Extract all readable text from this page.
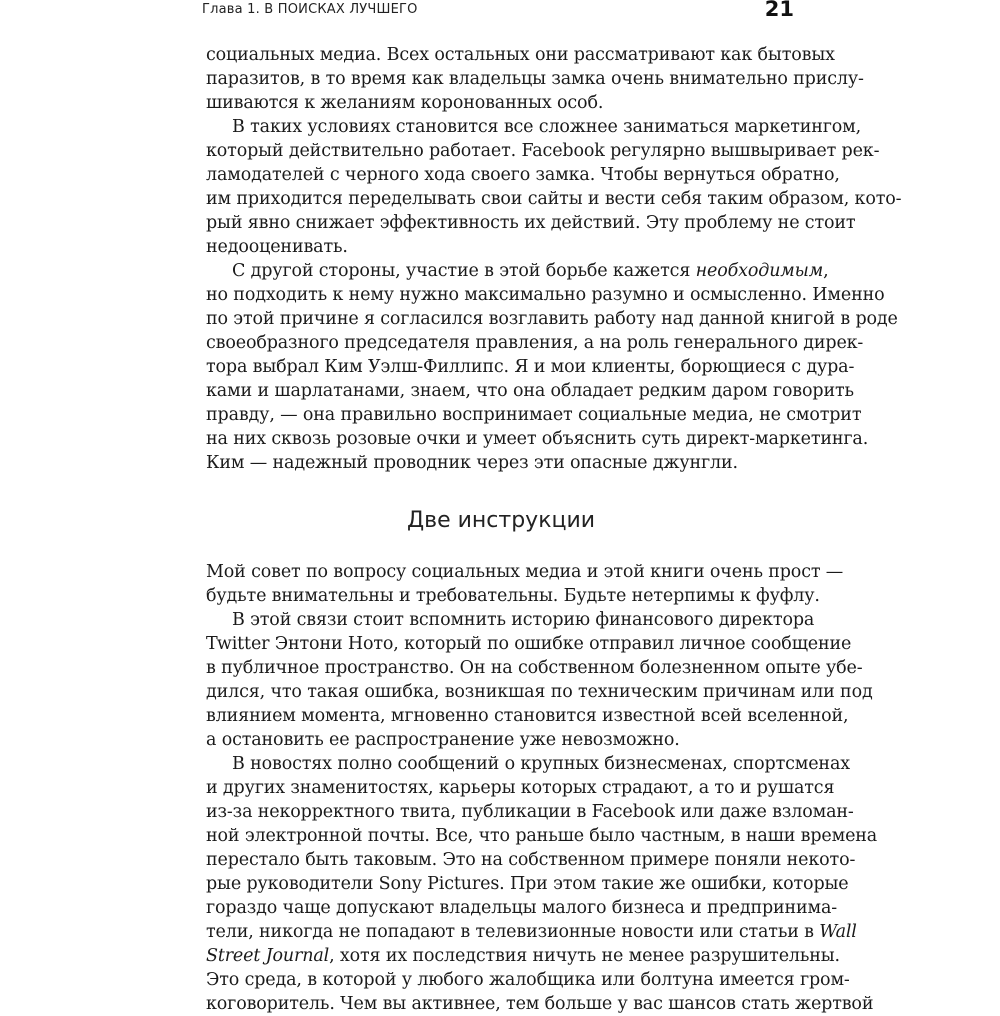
Глава 1. В ПОИСКАХ ЛУЧШЕГО	21
социальных медиа. Всех остальных они рассматривают как бытовых
паразитов, в то время как владельцы замка очень внимательно прислу-
шиваются к желаниям коронованных особ.
В таких условиях становится все сложнее заниматься маркетингом,
который действительно работает. Facebook регулярно вышвыривает рек-
ламодателей с черного хода своего замка. Чтобы вернуться обратно,
им приходится переделывать свои сайты и вести себя таким образом, кото-
рый явно снижает эффективность их действий. Эту проблему не стоит
недооценивать.
С другой стороны, участие в этой борьбе кажется необходимым,
но подходить к нему нужно максимально разумно и осмысленно. Именно
по этой причине я согласился возглавить работу над данной книгой в роде
своеобразного председателя правления, а на роль генерального дирек-
тора выбрал Ким Уэлш-Филлипс. Я и мои клиенты, борющиеся с дура-
ками и шарлатанами, знаем, что она обладает редким даром говорить
правду, — она правильно воспринимает социальные медиа, не смотрит
на них сквозь розовые очки и умеет объяснить суть директ-маркетинга.
Ким — надежный проводник через эти опасные джунгли.
Две инструкции
Мой совет по вопросу социальных медиа и этой книги очень прост —
будьте внимательны и требовательны. Будьте нетерпимы к фуфлу.
В этой связи стоит вспомнить историю финансового директора
Twitter Энтони Ното, который по ошибке отправил личное сообщение
в публичное пространство. Он на собственном болезненном опыте убе-
дился, что такая ошибка, возникшая по техническим причинам или под
влиянием момента, мгновенно становится известной всей вселенной,
а остановить ее распространение уже невозможно.
В новостях полно сообщений о крупных бизнесменах, спортсменах
и других знаменитостях, карьеры которых страдают, а то и рушатся
из-за некорректного твита, публикации в Facebook или даже взломан-
ной электронной почты. Все, что раньше было частным, в наши времена
перестало быть таковым. Это на собственном примере поняли некото-
рые руководители Sony Pictures. При этом такие же ошибки, которые
гораздо чаще допускают владельцы малого бизнеса и предпринима-
тели, никогда не попадают в телевизионные новости или статьи в Wall
Street Journal, хотя их последствия ничуть не менее разрушительны.
Это среда, в которой у любого жалобщика или болтуна имеется гром-
коговоритель. Чем вы активнее, тем больше у вас шансов стать жертвой
